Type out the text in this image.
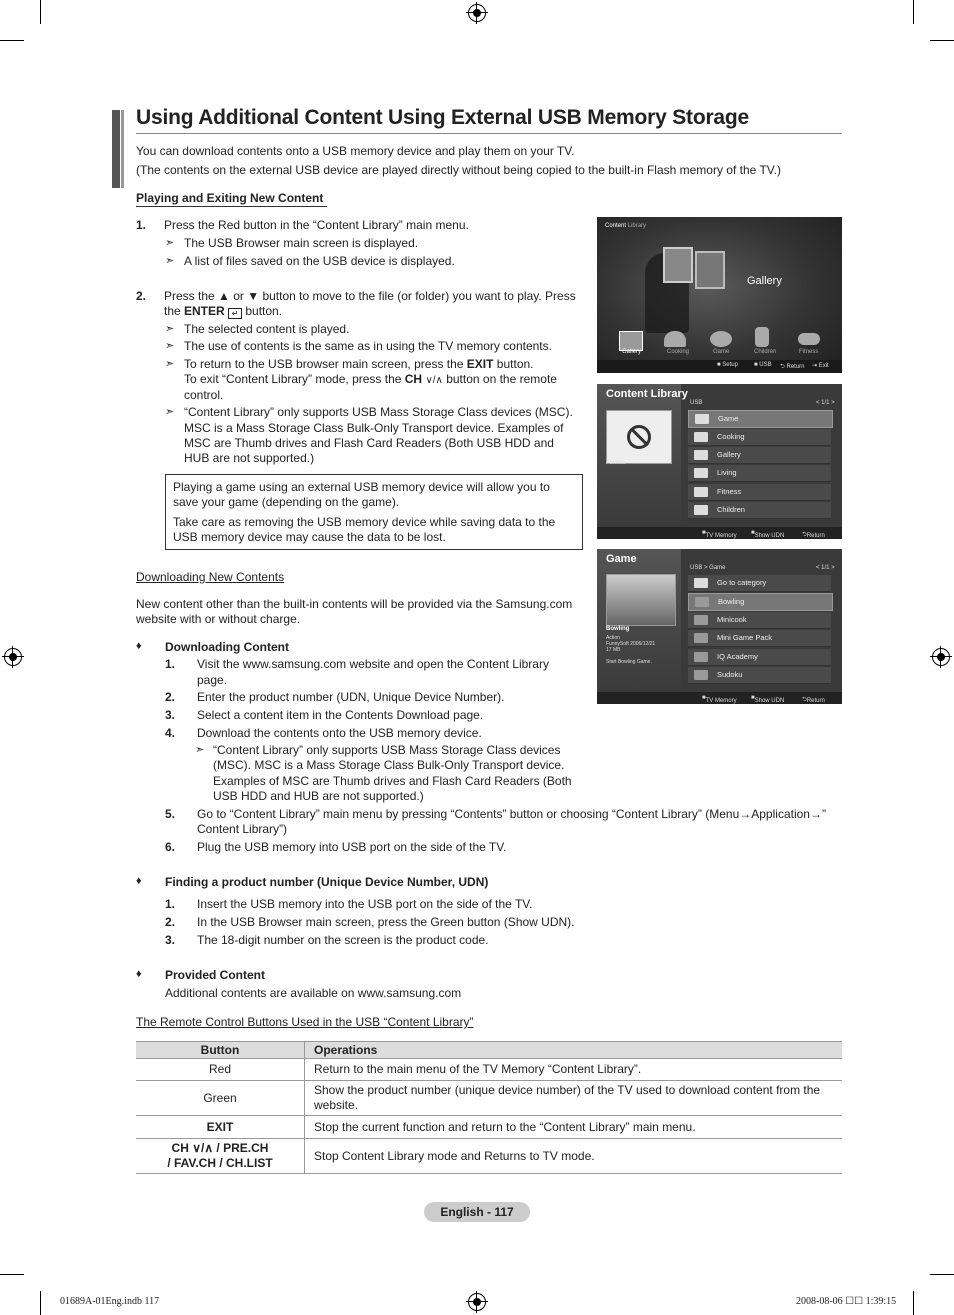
Using Additional Content Using External USB Memory Storage

You can download contents onto a USB memory device and play them on your TV.

(The contents on the external USB device are played directly without being copied to the built-in Flash memory of the TV.)

Playing and Exiting New Content

1. Press the Red button in the “Content Library” main menu.
➣ The USB Browser main screen is displayed.

➣ A list of files saved on the USB device is displayed.

2. Press the ▲ or ▼ button to move to the file (or folder) you want to play. Press

the ENTER ↵ button.

➣ The selected content is played.

➣ The use of contents is the same as in using the TV memory contents.

➣ To return to the USB browser main screen, press the EXIT button.

To exit “Content Library” mode, press the CH ∨/∧ button on the remote

control.

➣ “Content Library” only supports USB Mass Storage Class devices (MSC).

MSC is a Mass Storage Class Bulk-Only Transport device. Examples of

MSC are Thumb drives and Flash Card Readers (Both USB HDD and

HUB are not supported.)

Playing a game using an external USB memory device will allow you to

save your game (depending on the game).

Take care as removing the USB memory device while saving data to the

USB memory device may cause the data to be lost.

Content Library
Gallery
Gallery	Cooking	Game	Children	Fitness
■ Setup	■ USB ⮌ Return ⇥ Exit
Content Library
Fitness
USB	< 1/1 >
Game
Cooking
Gallery
Living
Fitness
Children
■ TV Memory ■ Show UDN	⮌ Return
Game
Bowling
Action
FunnySoft 2006/12/21
17 MB
Start Bowling Game.
USB > Game	< 1/1 >
Go to category
Bowling
Minicook
Mini Game Pack
IQ Academy
Sudoku
■ TV Memory ■ Show UDN	⮌ Return

Downloading New Contents

New content other than the built-in contents will be provided via the Samsung.com

website with or without charge.

♦ Downloading Content

1. Visit the www.samsung.com website and open the Content Library

page.

2. Enter the product number (UDN, Unique Device Number).

3. Select a content item in the Contents Download page.

4. Download the contents onto the USB memory device.

➣ “Content Library” only supports USB Mass Storage Class devices

(MSC). MSC is a Mass Storage Class Bulk-Only Transport device.

Examples of MSC are Thumb drives and Flash Card Readers (Both

USB HDD and HUB are not supported.)

5. Go to “Content Library” main menu by pressing “Contents” button or choosing “Content Library” (Menu→Application→”

Content Library”)

6. Plug the USB memory into USB port on the side of the TV.

♦ Finding a product number (Unique Device Number, UDN)

1. Insert the USB memory into the USB port on the side of the TV.

2. In the USB Browser main screen, press the Green button (Show UDN).

3. The 18-digit number on the screen is the product code.

♦ Provided Content

Additional contents are available on www.samsung.com

The Remote Control Buttons Used in the USB “Content Library”

Button	Operations
Red	Return to the main menu of the TV Memory “Content Library”.
Green	Show the product number (unique device number) of the TV used to download content from the website.
EXIT	Stop the current function and return to the “Content Library” main menu.

CH ∨/∧ / PRE.CH
/ FAV.CH / CH.LIST	Stop Content Library mode and Returns to TV mode.
English - 117
01689A-01Eng.indb 117	2008-08-06 ☐☐ 1:39:15
